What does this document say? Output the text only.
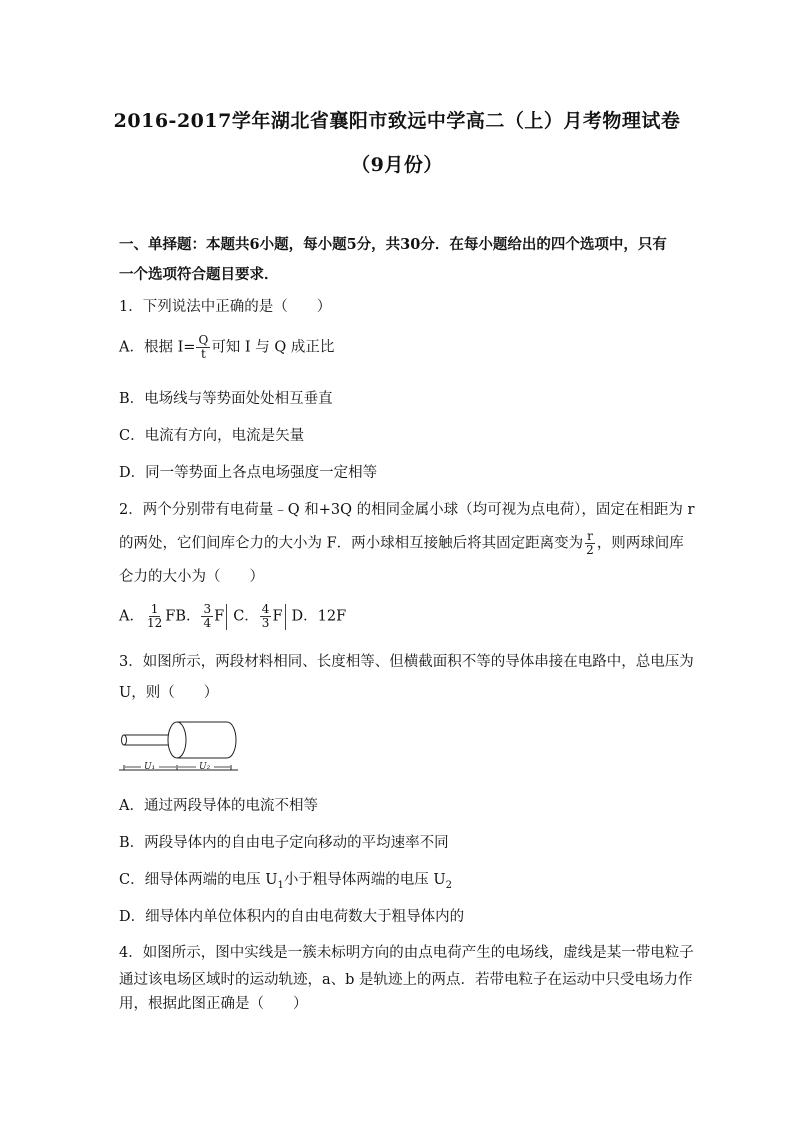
2016-2017学年湖北省襄阳市致远中学高二（上）月考物理试卷
（9月份）
一、单择题：本题共6小题，每小题5分，共30分．在每小题给出的四个选项中，只有
一个选项符合题目要求．
1．下列说法中正确的是（　　）
A．根据 $I= \frac{Q}{t}$ 可知 I 与 Q 成正比
B．电场线与等势面处处相互垂直
C．电流有方向，电流是矢量
D．同一等势面上各点电场强度一定相等
2．两个分别带有电荷量﹣Q 和+3Q 的相同金属小球（均可视为点电荷），固定在相距为 r
的两处，它们间库仑力的大小为 F．两小球相互接触后将其固定距离变为 $\frac{r}{2}$ ，则两球间库
仑力的大小为（　　）
A． $\frac{1}{12}$ FB． $\frac{3}{4}$ F C． $\frac{4}{3}$ F D．12F
3．如图所示，两段材料相同、长度相等、但横截面积不等的导体串接在电路中，总电压为
U，则（　　）
U₁	U₂
A．通过两段导体的电流不相等
B．两段导体内的自由电子定向移动的平均速率不同
C．细导体两端的电压 $U_1$小于粗导体两端的电压 $U_2$
D．细导体内单位体积内的自由电荷数大于粗导体内的
4．如图所示，图中实线是一簇未标明方向的由点电荷产生的电场线，虚线是某一带电粒子
通过该电场区域时的运动轨迹，a、b 是轨迹上的两点．若带电粒子在运动中只受电场力作
用，根据此图正确是（　　）
